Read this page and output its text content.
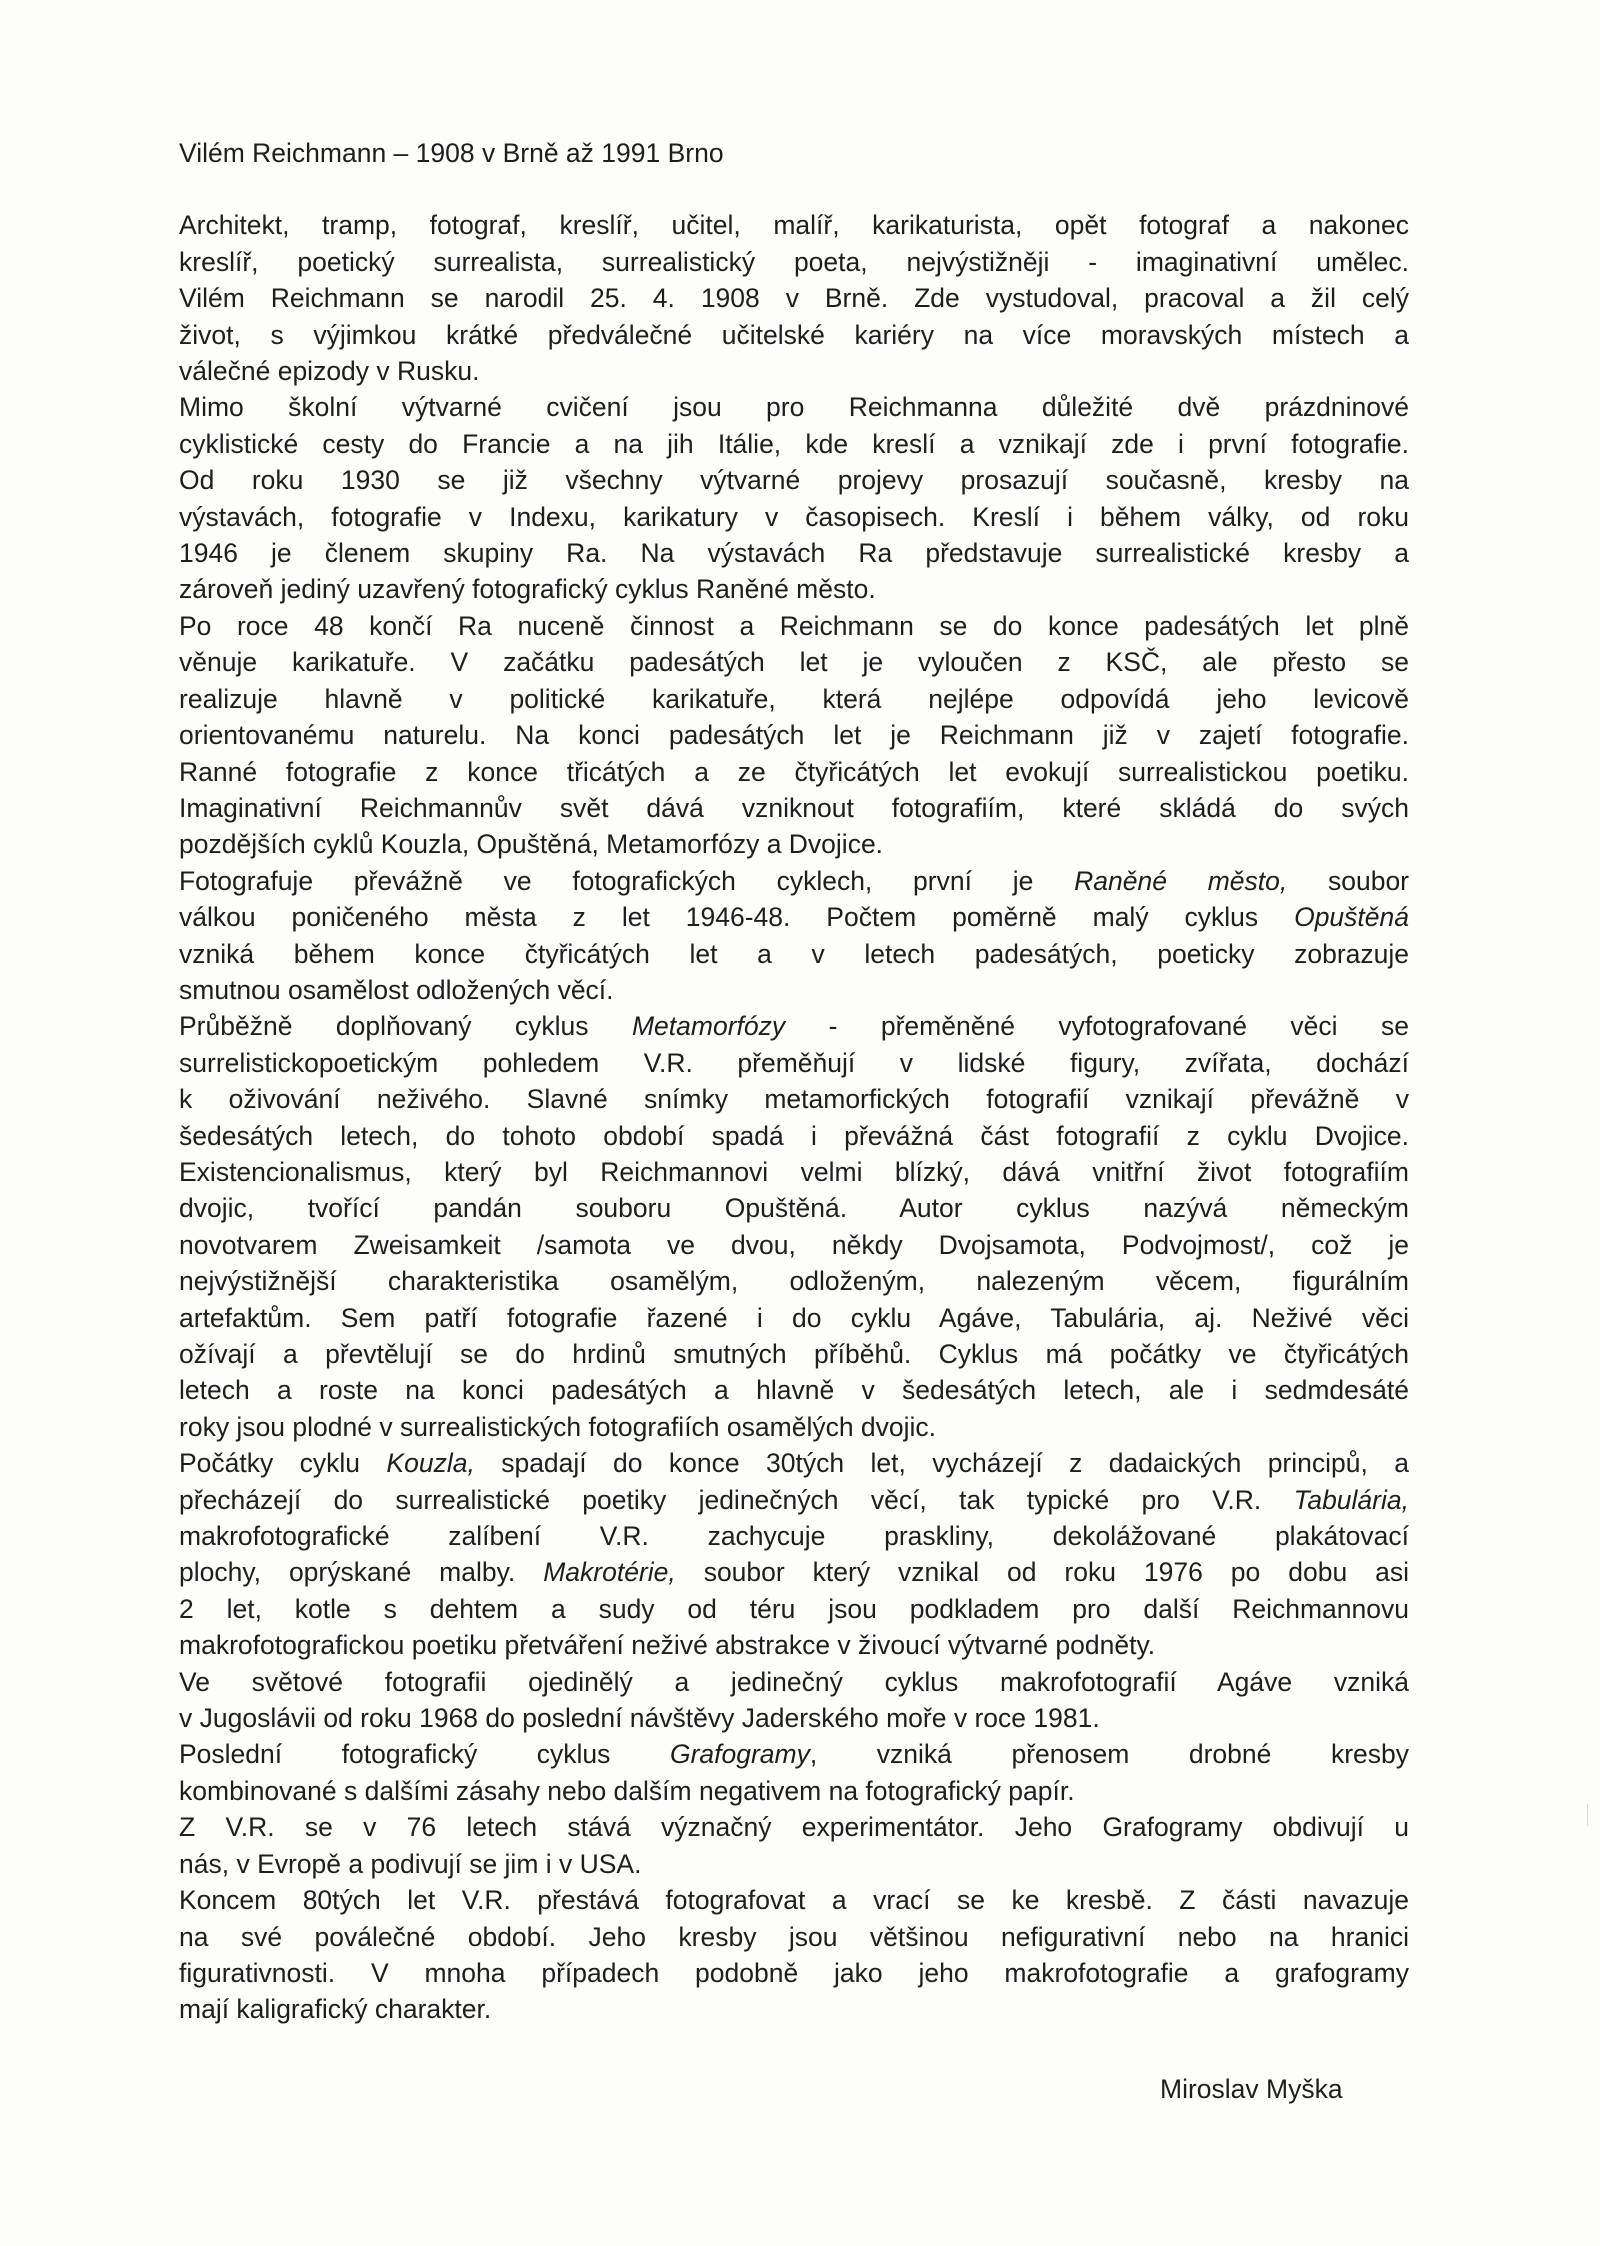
Vilém Reichmann – 1908 v Brně až 1991 Brno
Architekt, tramp, fotograf, kreslíř, učitel, malíř, karikaturista, opět fotograf a nakonec
kreslíř, poetický surrealista, surrealistický poeta, nejvýstižněji - imaginativní umělec.
Vilém Reichmann se narodil 25. 4. 1908 v Brně. Zde vystudoval, pracoval a žil celý
život, s výjimkou krátké předválečné učitelské kariéry na více moravských místech a
válečné epizody v Rusku.
Mimo školní výtvarné cvičení jsou pro Reichmanna důležité dvě prázdninové
cyklistické cesty do Francie a na jih Itálie, kde kreslí a vznikají zde i první fotografie.
Od roku 1930 se již všechny výtvarné projevy prosazují současně, kresby na
výstavách, fotografie v Indexu, karikatury v časopisech. Kreslí i během války, od roku
1946 je členem skupiny Ra. Na výstavách Ra představuje surrealistické kresby a
zároveň jediný uzavřený fotografický cyklus Raněné město.
Po roce 48 končí Ra nuceně činnost a Reichmann se do konce padesátých let plně
věnuje karikatuře. V začátku padesátých let je vyloučen z KSČ, ale přesto se
realizuje hlavně v politické karikatuře, která nejlépe odpovídá jeho levicově
orientovanému naturelu. Na konci padesátých let je Reichmann již v zajetí fotografie.
Ranné fotografie z konce třicátých a ze čtyřicátých let evokují surrealistickou poetiku.
Imaginativní Reichmannův svět dává vzniknout fotografiím, které skládá do svých
pozdějších cyklů Kouzla, Opuštěná, Metamorfózy a Dvojice.
Fotografuje převážně ve fotografických cyklech, první je Raněné město, soubor
válkou poničeného města z let 1946-48. Počtem poměrně malý cyklus Opuštěná
vzniká během konce čtyřicátých let a v letech padesátých, poeticky zobrazuje
smutnou osamělost odložených věcí.
Průběžně doplňovaný cyklus Metamorfózy - přeměněné vyfotografované věci se
surrelistickopoetickým pohledem V.R. přeměňují v lidské figury, zvířata, dochází
k oživování neživého. Slavné snímky metamorfických fotografií vznikají převážně v
šedesátých letech, do tohoto období spadá i převážná část fotografií z cyklu Dvojice.
Existencionalismus, který byl Reichmannovi velmi blízký, dává vnitřní život fotografiím
dvojic, tvořící pandán souboru Opuštěná. Autor cyklus nazývá německým
novotvarem Zweisamkeit /samota ve dvou, někdy Dvojsamota, Podvojmost/, což je
nejvýstižnější charakteristika osamělým, odloženým, nalezeným věcem, figurálním
artefaktům. Sem patří fotografie řazené i do cyklu Agáve, Tabulária, aj. Neživé věci
ožívají a převtělují se do hrdinů smutných příběhů. Cyklus má počátky ve čtyřicátých
letech a roste na konci padesátých a hlavně v šedesátých letech, ale i sedmdesáté
roky jsou plodné v surrealistických fotografiích osamělých dvojic.
Počátky cyklu Kouzla, spadají do konce 30tých let, vycházejí z dadaických principů, a
přecházejí do surrealistické poetiky jedinečných věcí, tak typické pro V.R. Tabulária,
makrofotografické zalíbení V.R. zachycuje praskliny, dekolážované plakátovací
plochy, oprýskané malby. Makrotérie, soubor který vznikal od roku 1976 po dobu asi
2 let, kotle s dehtem a sudy od téru jsou podkladem pro další Reichmannovu
makrofotografickou poetiku přetváření neživé abstrakce v živoucí výtvarné podněty.
Ve světové fotografii ojedinělý a jedinečný cyklus makrofotografií Agáve vzniká
v Jugoslávii od roku 1968 do poslední návštěvy Jaderského moře v roce 1981.
Poslední fotografický cyklus Grafogramy, vzniká přenosem drobné kresby
kombinované s dalšími zásahy nebo dalším negativem na fotografický papír.
Z V.R. se v 76 letech stává význačný experimentátor. Jeho Grafogramy obdivují u
nás, v Evropě a podivují se jim i v USA.
Koncem 80tých let V.R. přestává fotografovat a vrací se ke kresbě. Z části navazuje
na své poválečné období. Jeho kresby jsou většinou nefigurativní nebo na hranici
figurativnosti. V mnoha případech podobně jako jeho makrofotografie a grafogramy
mají kaligrafický charakter.
Miroslav Myška
